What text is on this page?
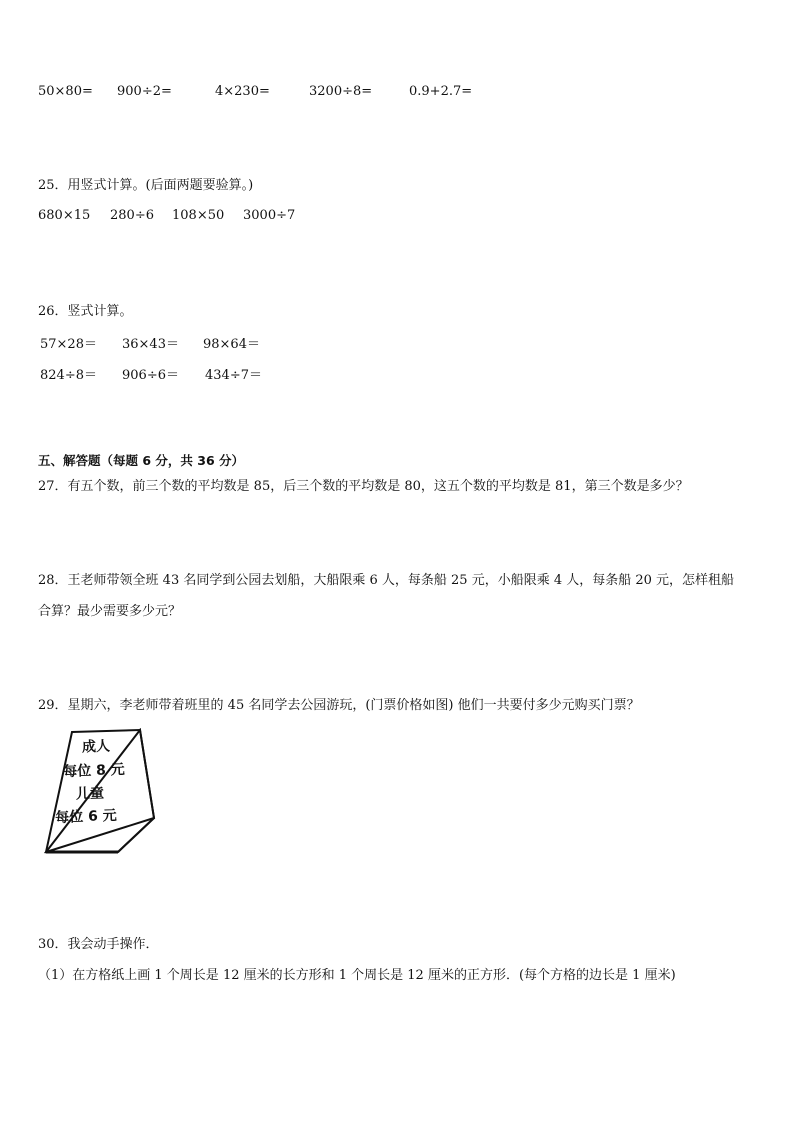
50×80= 900÷2=	4×230=	3200÷8=	0.9+2.7=
25．用竖式计算。(后面两题要验算。)
680×15 280÷6 108×50 3000÷7
26．竖式计算。
57×28＝ 36×43＝ 98×64＝
824÷8＝ 906÷6＝ 434÷7＝
五、解答题（每题 6 分，共 36 分）
27．有五个数，前三个数的平均数是 85，后三个数的平均数是 80，这五个数的平均数是 81，第三个数是多少？
28．王老师带领全班 43 名同学到公园去划船，大船限乘 6 人，每条船 25 元，小船限乘 4 人，每条船 20 元，怎样租船
合算？最少需要多少元？
29．星期六，李老师带着班里的 45 名同学去公园游玩，(门票价格如图) 他们一共要付多少元购买门票？
成人
每位 8 元
儿童
每位 6 元
30．我会动手操作．
（1）在方格纸上画 1 个周长是 12 厘米的长方形和 1 个周长是 12 厘米的正方形．(每个方格的边长是 1 厘米)
